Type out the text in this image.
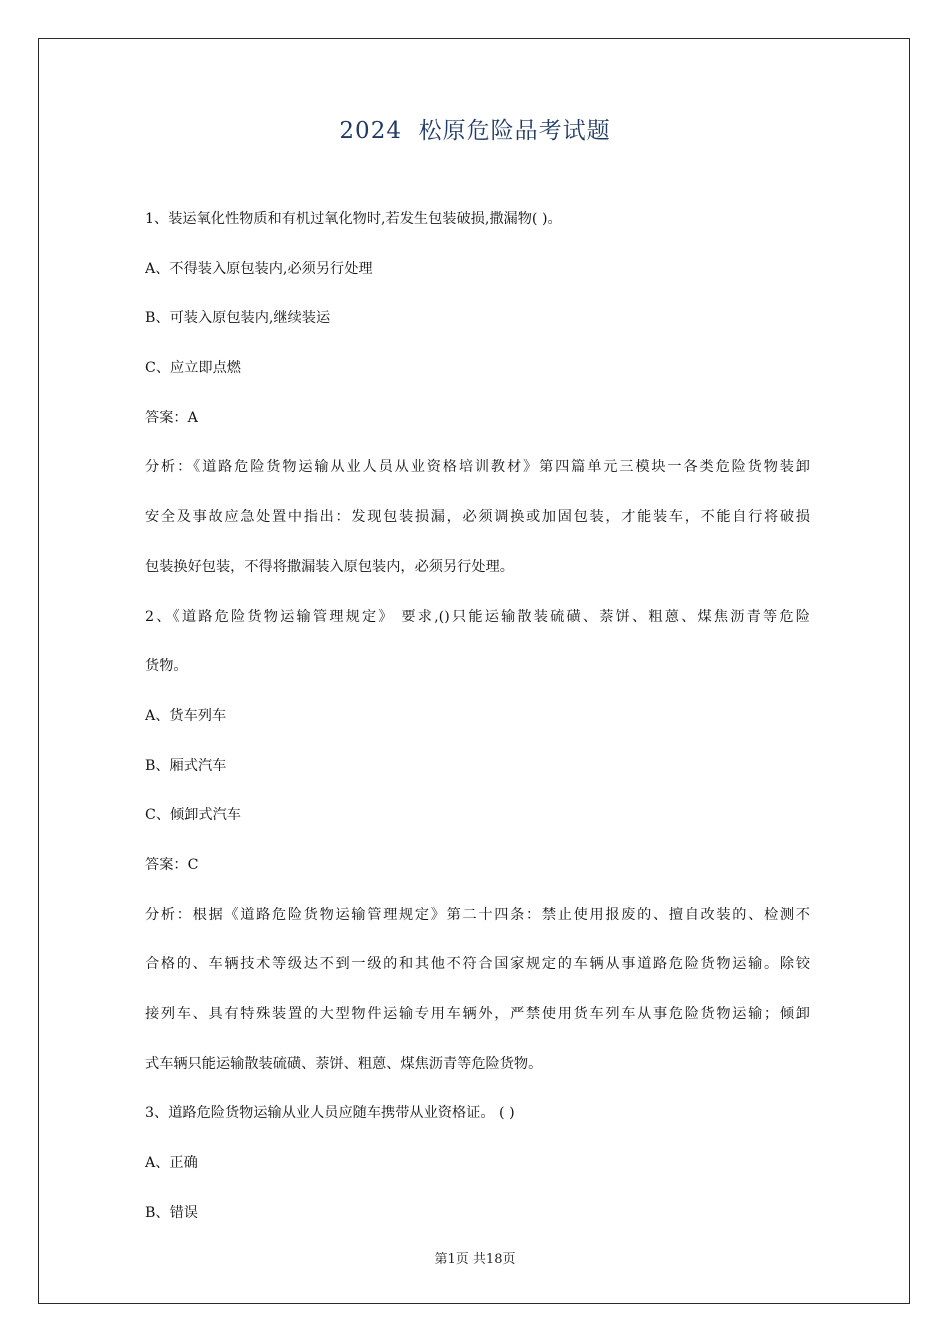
2024  松原危险品考试题
1、装运氧化性物质和有机过氧化物时,若发生包装破损,撒漏物( )。
A、不得装入原包装内,必须另行处理
B、可装入原包装内,继续装运
C、应立即点燃
答案：A
分析：《道路危险货物运输从业人员从业资格培训教材》第四篇单元三模块一各类危险货物装卸
安全及事故应急处置中指出：发现包装损漏，必须调换或加固包装，才能装车，不能自行将破损
包装换好包装，不得将撒漏装入原包装内，必须另行处理。
2、《道路危险货物运输管理规定》 要求,()只能运输散装硫磺、萘饼、粗蒽、煤焦沥青等危险
货物。
A、货车列车
B、厢式汽车
C、倾卸式汽车
答案：C
分析：根据《道路危险货物运输管理规定》第二十四条：禁止使用报废的、擅自改装的、检测不
合格的、车辆技术等级达不到一级的和其他不符合国家规定的车辆从事道路危险货物运输。除铰
接列车、具有特殊装置的大型物件运输专用车辆外，严禁使用货车列车从事危险货物运输；倾卸
式车辆只能运输散装硫磺、萘饼、粗蒽、煤焦沥青等危险货物。
3、道路危险货物运输从业人员应随车携带从业资格证。 ( )
A、正确
B、错误
第1页 共18页
